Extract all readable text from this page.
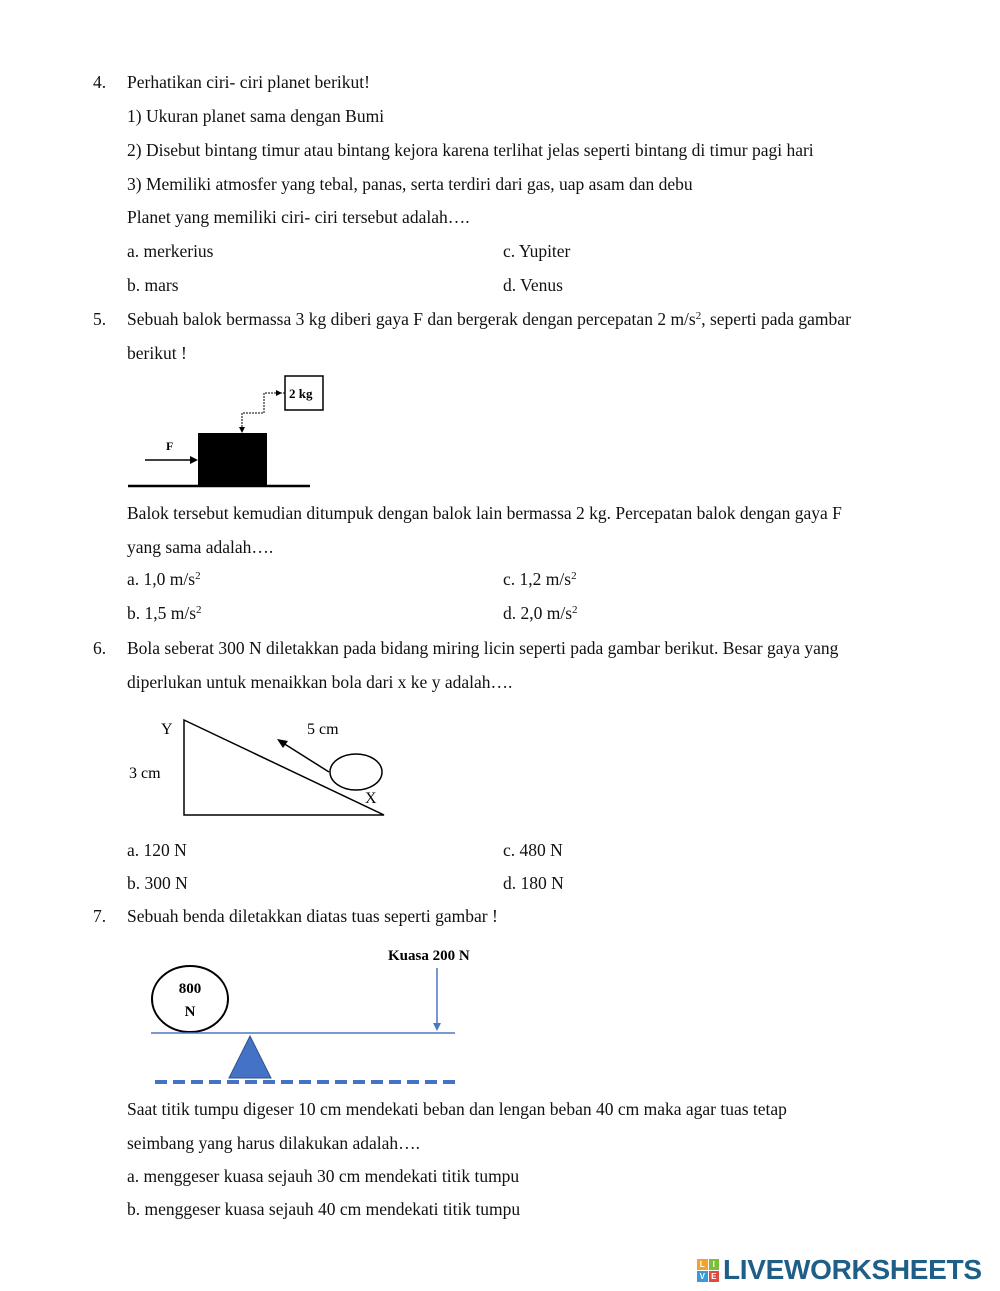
4. Perhatikan ciri- ciri planet berikut!
1) Ukuran planet sama dengan Bumi
2) Disebut bintang timur atau bintang kejora karena terlihat jelas seperti bintang di timur pagi hari
3) Memiliki atmosfer yang tebal, panas, serta terdiri dari gas, uap asam dan debu
Planet yang memiliki ciri- ciri tersebut adalah….
a. merkerius	c. Yupiter
b. mars	d. Venus
5. Sebuah balok bermassa 3 kg diberi gaya F dan bergerak dengan percepatan 2 $m/s^2$, seperti pada gambar
berikut !
F
2 kg
Balok tersebut kemudian ditumpuk dengan balok lain bermassa 2 kg. Percepatan balok dengan gaya F
yang sama adalah….
a. 1,0 $m/s^2$	c. 1,2 $m/s^2$
b. 1,5 $m/s^2$	d. 2,0 $m/s^2$
6. Bola seberat 300 N diletakkan pada bidang miring licin seperti pada gambar berikut. Besar gaya yang
diperlukan untuk menaikkan bola dari x ke y adalah….
Y
X
3 cm
5 cm
a. 120 N	c. 480 N
b. 300 N	d. 180 N
7. Sebuah benda diletakkan diatas tuas seperti gambar !
Kuasa 200 N
800
N
Saat titik tumpu digeser 10 cm mendekati beban dan lengan beban 40 cm maka agar tuas tetap
seimbang yang harus dilakukan adalah….
a. menggeser kuasa sejauh 30 cm mendekati titik tumpu
b. menggeser kuasa sejauh 40 cm mendekati titik tumpu
L I
V E LIVEWORKSHEETS
